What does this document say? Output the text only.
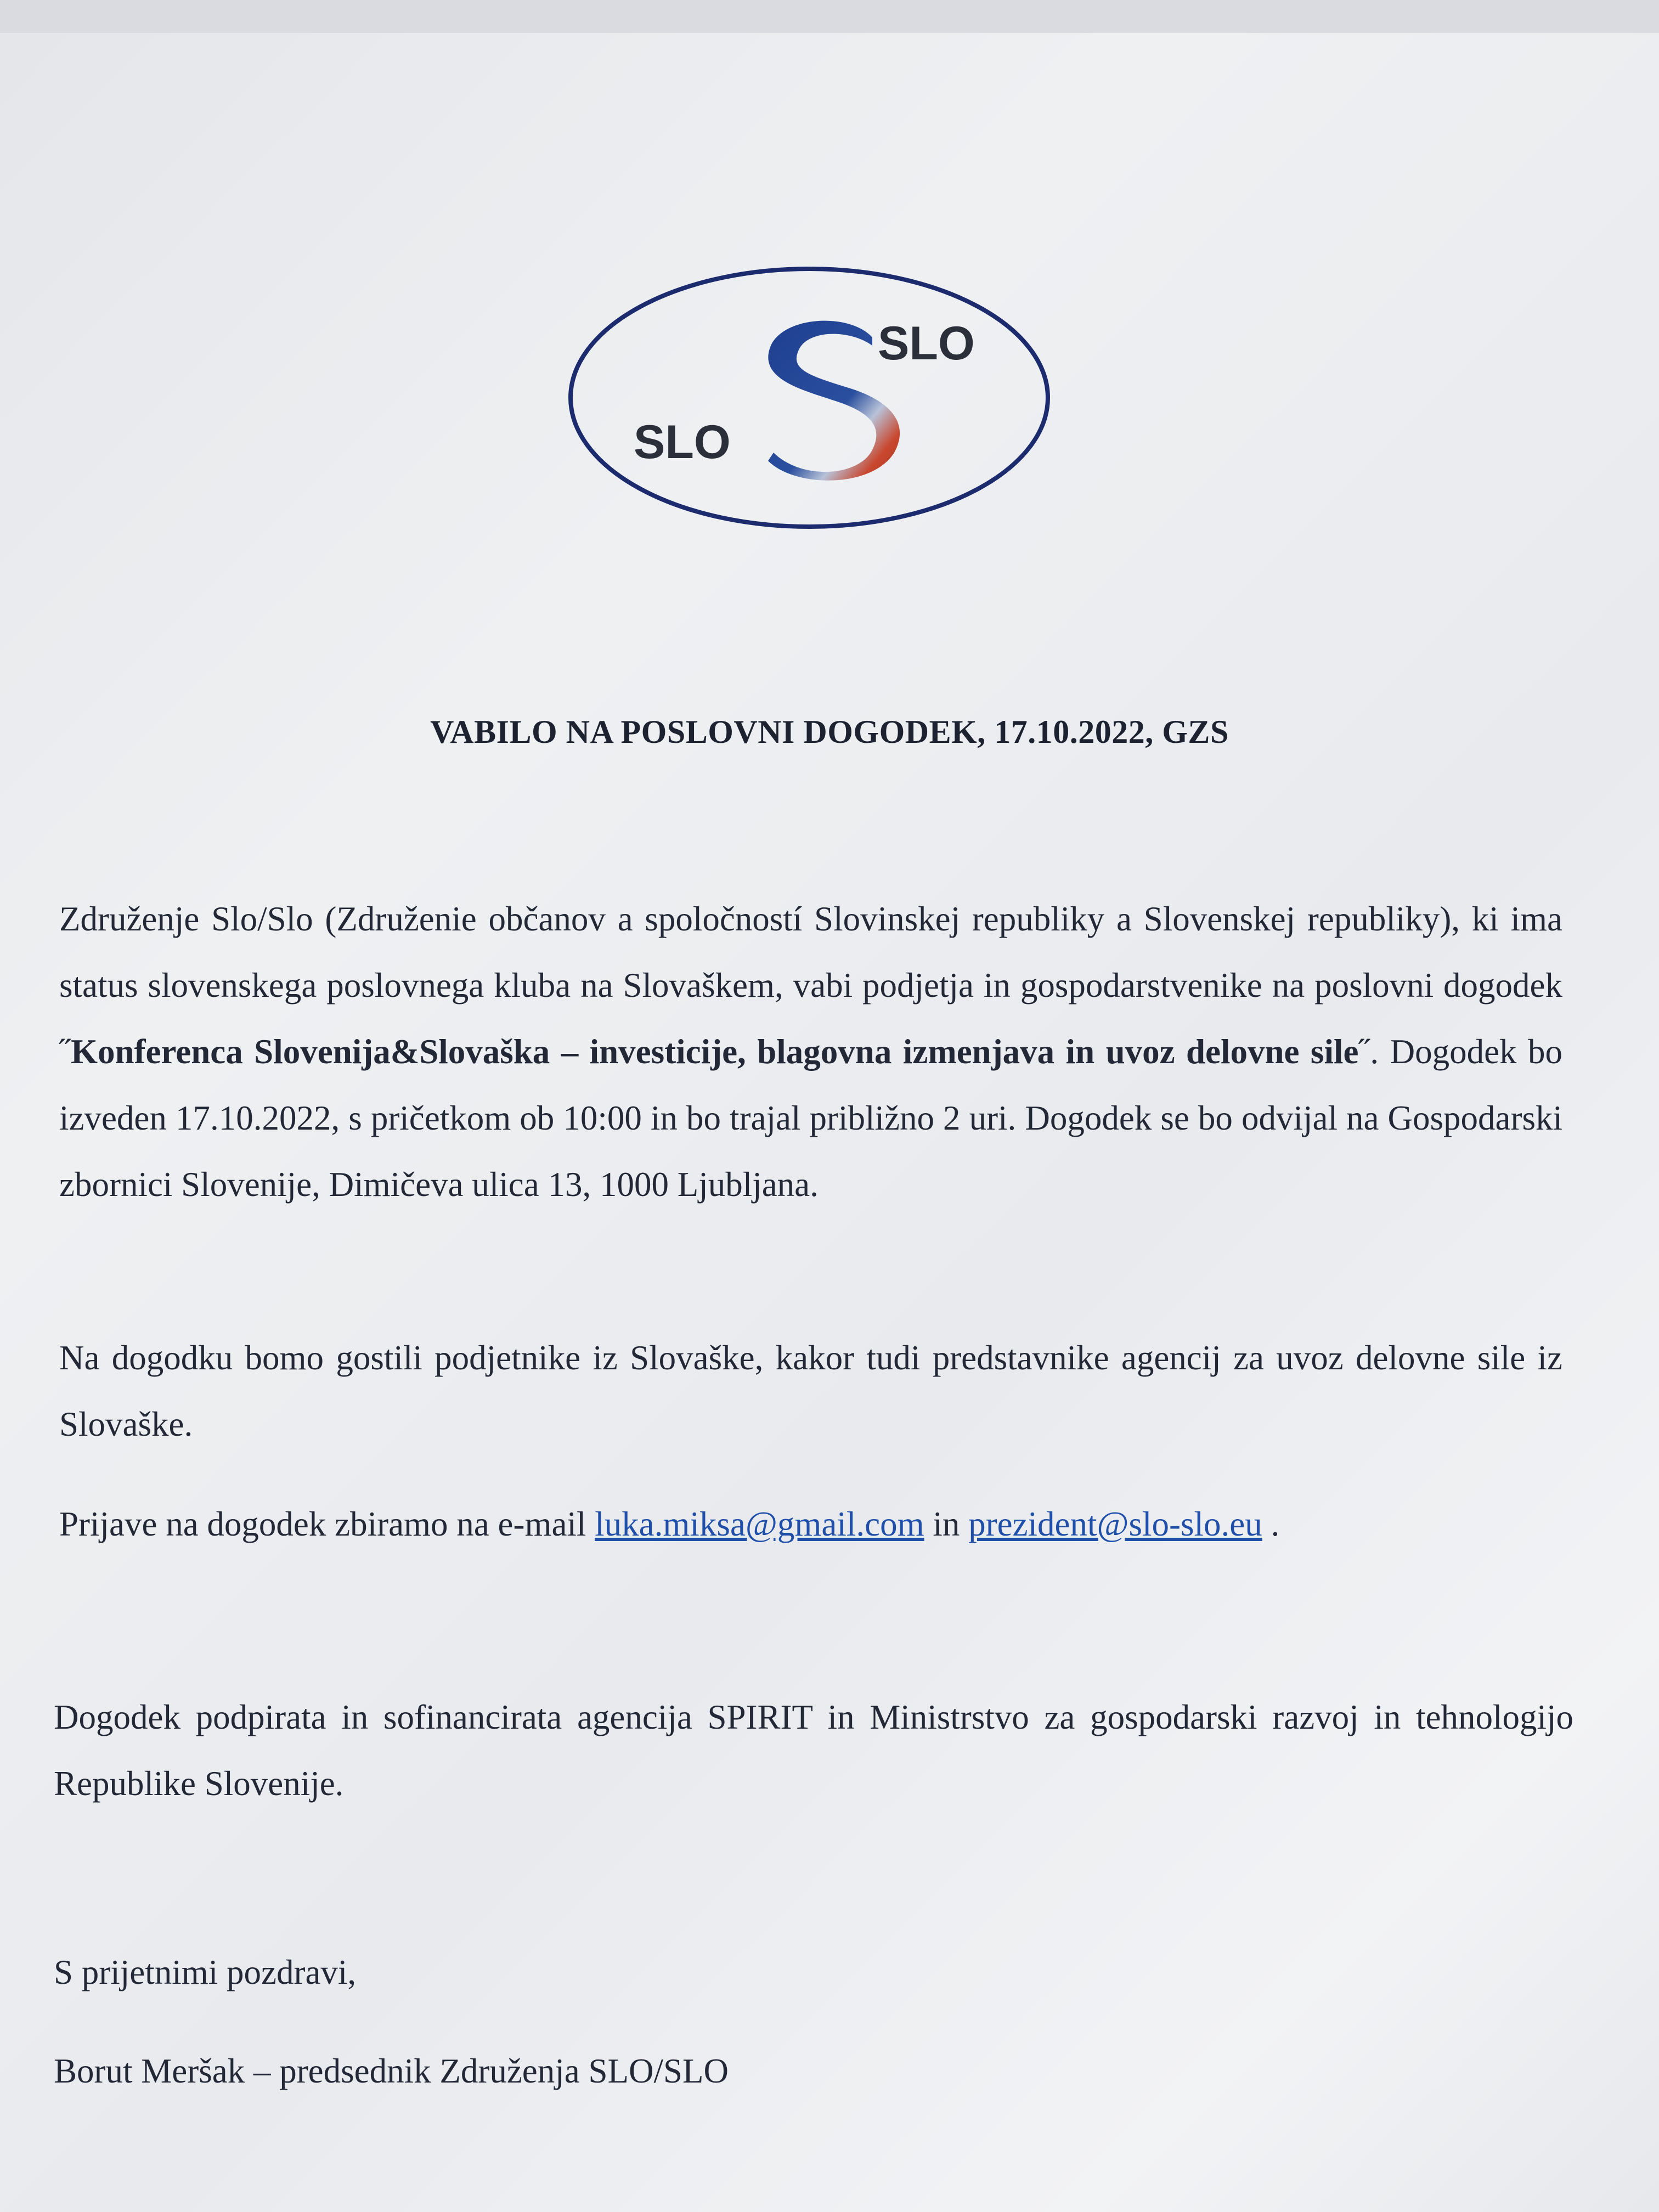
SLO
SLO
VABILO NA POSLOVNI DOGODEK, 17.10.2022, GZS
Združenje Slo/Slo (Združenie občanov a spoločností Slovinskej republiky a Slovenskej republiky), ki ima status slovenskega poslovnega kluba na Slovaškem, vabi podjetja in gospodarstvenike na poslovni dogodek ˝Konferenca Slovenija&Slovaška – investicije, blagovna izmenjava in uvoz delovne sile˝. Dogodek bo izveden 17.10.2022, s pričetkom ob 10:00 in bo trajal približno 2 uri. Dogodek se bo odvijal na Gospodarski zbornici Slovenije, Dimičeva ulica 13, 1000 Ljubljana.
Na dogodku bomo gostili podjetnike iz Slovaške, kakor tudi predstavnike agencij za uvoz delovne sile iz Slovaške.
Prijave na dogodek zbiramo na e-mail luka.miksa@gmail.com in prezident@slo-slo.eu .
Dogodek podpirata in sofinancirata agencija SPIRIT in Ministrstvo za gospodarski razvoj in tehnologijo Republike Slovenije.
S prijetnimi pozdravi,
Borut Meršak – predsednik Združenja SLO/SLO
